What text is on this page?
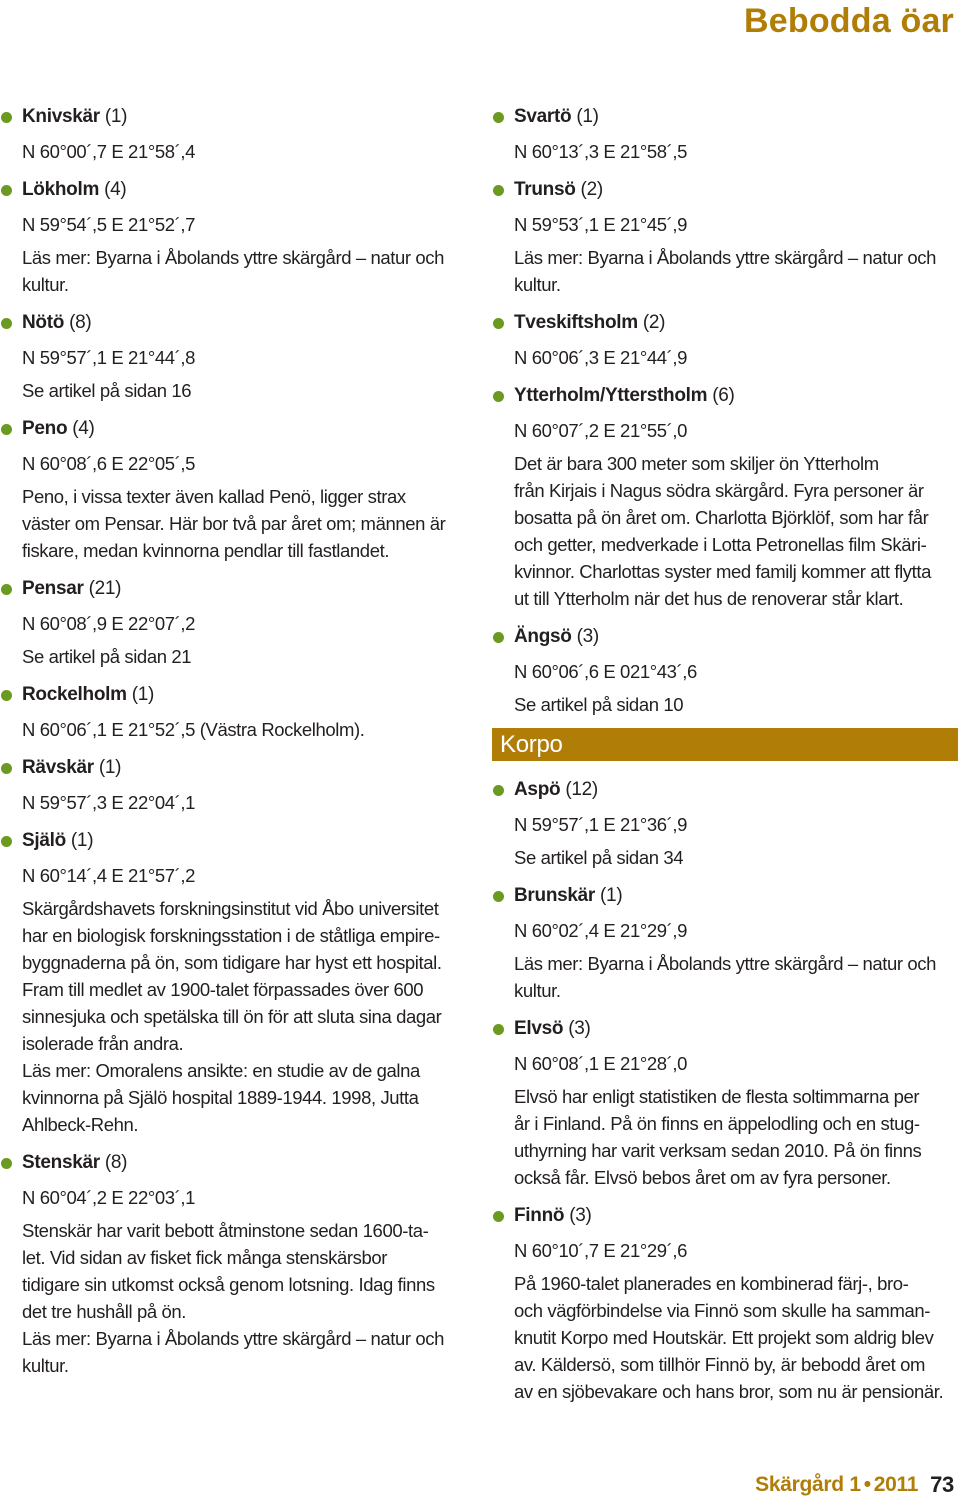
Bebodda öar
Knivskär (1)
N 60°00´,7 E 21°58´,4
Lökholm (4)
N 59°54´,5 E 21°52´,7
Läs mer: Byarna i Åbolands yttre skärgård – natur och
kultur.
Nötö (8)
N 59°57´,1 E 21°44´,8
Se artikel på sidan 16
Peno (4)
N 60°08´,6 E 22°05´,5
Peno, i vissa texter även kallad Penö, ligger strax
väster om Pensar. Här bor två par året om; männen är
fiskare, medan kvinnorna pendlar till fastlandet.
Pensar (21)
N 60°08´,9 E 22°07´,2
Se artikel på sidan 21
Rockelholm (1)
N 60°06´,1 E 21°52´,5 (Västra Rockelholm).
Rävskär (1)
N 59°57´,3 E 22°04´,1
Själö (1)
N 60°14´,4 E 21°57´,2
Skärgårdshavets forskningsinstitut vid Åbo universitet
har en biologisk forskningsstation i de ståtliga empire-
byggnaderna på ön, som tidigare har hyst ett hospital.
Fram till medlet av 1900-talet förpassades över 600
sinnesjuka och spetälska till ön för att sluta sina dagar
isolerade från andra.
Läs mer: Omoralens ansikte: en studie av de galna
kvinnorna på Själö hospital 1889-1944. 1998, Jutta
Ahlbeck-Rehn.
Stenskär (8)
N 60°04´,2 E 22°03´,1
Stenskär har varit bebott åtminstone sedan 1600-ta-
let. Vid sidan av fisket fick många stenskärsbor
tidigare sin utkomst också genom lotsning. Idag finns
det tre hushåll på ön.
Läs mer: Byarna i Åbolands yttre skärgård – natur och
kultur.
Svartö (1)
N 60°13´,3 E 21°58´,5
Trunsö (2)
N 59°53´,1 E 21°45´,9
Läs mer: Byarna i Åbolands yttre skärgård – natur och
kultur.
Tveskiftsholm (2)
N 60°06´,3 E 21°44´,9
Ytterholm/Ytterstholm (6)
N 60°07´,2 E 21°55´,0
Det är bara 300 meter som skiljer ön Ytterholm
från Kirjais i Nagus södra skärgård. Fyra personer är
bosatta på ön året om. Charlotta Björklöf, som har får
och getter, medverkade i Lotta Petronellas film Skäri-
kvinnor. Charlottas syster med familj kommer att flytta
ut till Ytterholm när det hus de renoverar står klart.
Ängsö (3)
N 60°06´,6 E 021°43´,6
Se artikel på sidan 10
Korpo
Aspö (12)
N 59°57´,1 E 21°36´,9
Se artikel på sidan 34
Brunskär (1)
N 60°02´,4 E 21°29´,9
Läs mer: Byarna i Åbolands yttre skärgård – natur och
kultur.
Elvsö (3)
N 60°08´,1 E 21°28´,0
Elvsö har enligt statistiken de flesta soltimmarna per
år i Finland. På ön finns en äppelodling och en stug-
uthyrning har varit verksam sedan 2010. På ön finns
också får. Elvsö bebos året om av fyra personer.
Finnö (3)
N 60°10´,7 E 21°29´,6
På 1960-talet planerades en kombinerad färj-, bro-
och vägförbindelse via Finnö som skulle ha samman-
knutit Korpo med Houtskär. Ett projekt som aldrig blev
av. Käldersö, som tillhör Finnö by, är bebodd året om
av en sjöbevakare och hans bror, som nu är pensionär.
Skärgård 1 • 2011 73
